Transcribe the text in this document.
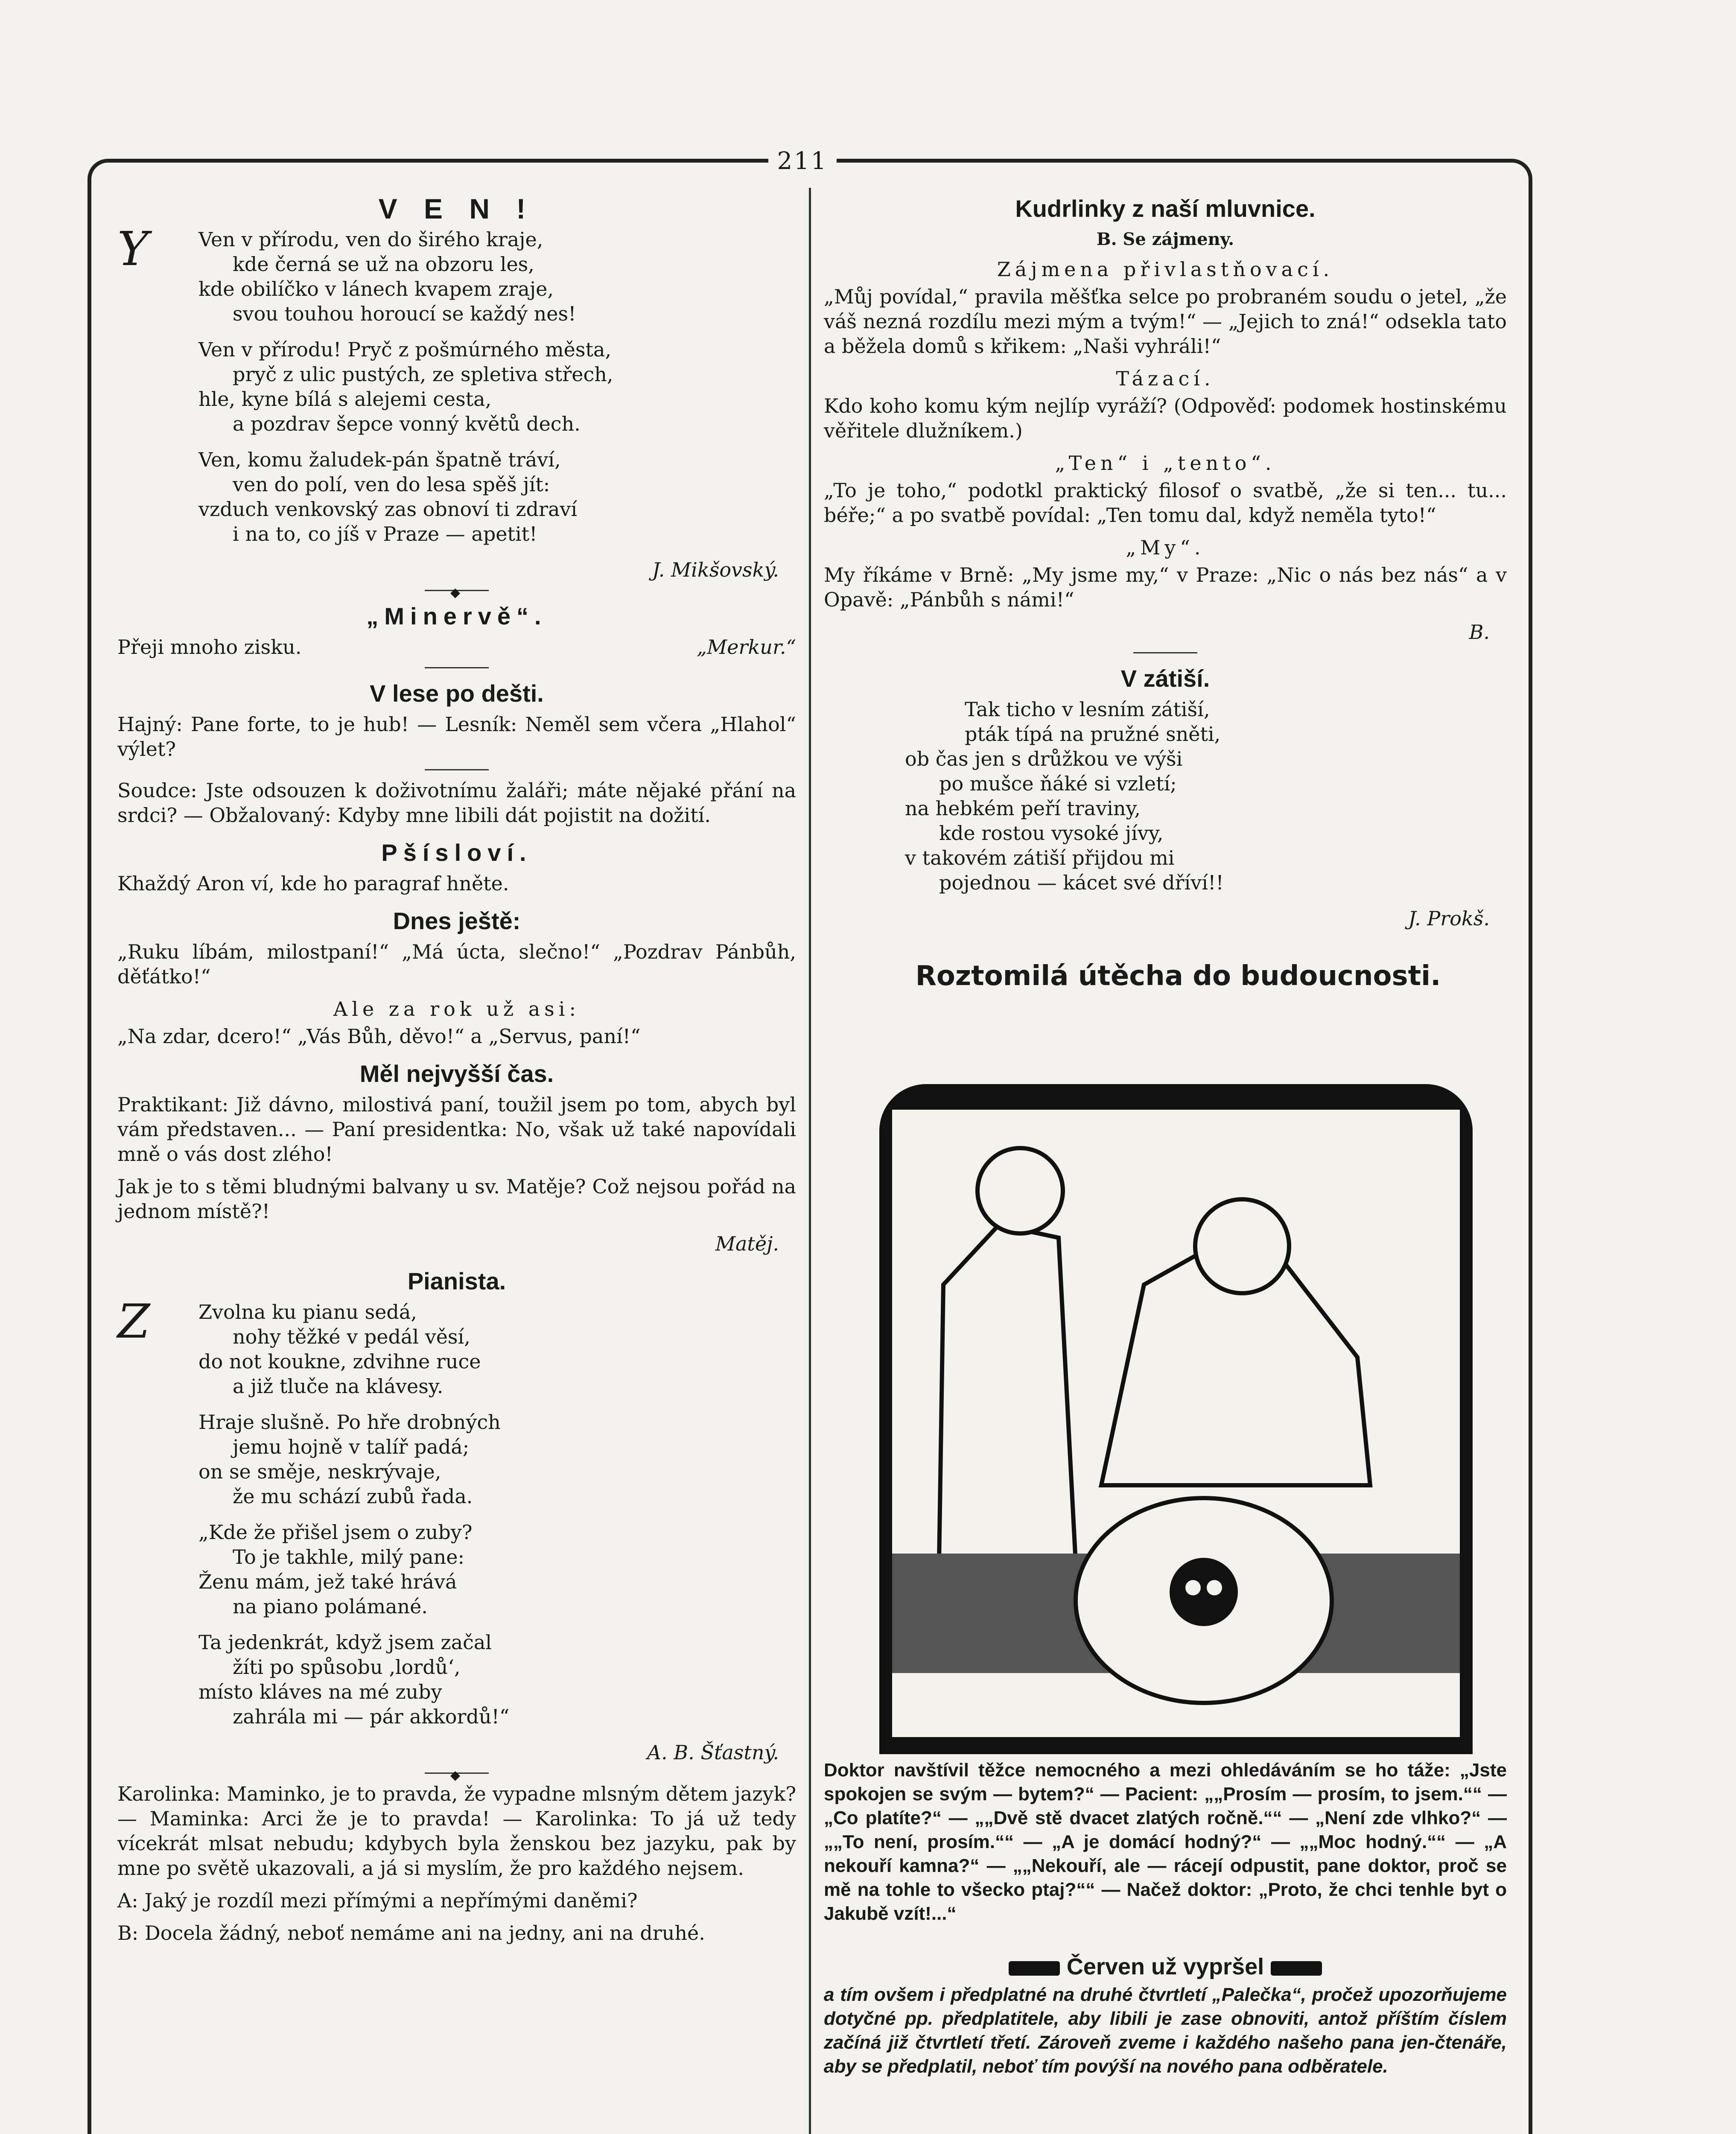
211
V E N !
Y	Ven v přírodu, ven do širého kraje,
kde černá se už na obzoru les,
kde obilíčko v lánech kvapem zraje,
svou touhou horoucí se každý nes!
Ven v přírodu! Pryč z pošmúrného města,
pryč z ulic pustých, ze spletiva střech,
hle, kyne bílá s alejemi cesta,
a pozdrav šepce vonný květů dech.
Ven, komu žaludek-pán špatně tráví,
ven do polí, ven do lesa spěš jít:
vzduch venkovský zas obnoví ti zdraví
i na to, co jíš v Praze — apetit!
J. Mikšovský.
◆
„Minervě“.
Přeji mnoho zisku.	„Merkur.“
V lese po dešti.
Hajný: Pane forte, to je hub! — Lesník: Neměl sem včera „Hlahol“ výlet?
Soudce: Jste odsouzen k doživotnímu žaláři; máte nějaké přání na srdci? — Obžalovaný: Kdyby mne libili dát pojistit na dožití.
Pšísloví.
Khaždý Aron ví, kde ho paragraf hněte.
Dnes ještě:
„Ruku líbám, milostpaní!“ „Má úcta, slečno!“ „Pozdrav Pánbůh, děťátko!“
Ale za rok už asi:
„Na zdar, dcero!“ „Vás Bůh, děvo!“ a „Servus, paní!“
Měl nejvyšší čas.
Praktikant: Již dávno, milostivá paní, toužil jsem po tom, abych byl vám představen... — Paní presidentka: No, však už také napovídali mně o vás dost zlého!
Jak je to s těmi bludnými balvany u sv. Matěje? Což nejsou pořád na jednom místě?!
Matěj.
Pianista.
Z	Zvolna ku pianu sedá,
nohy těžké v pedál věsí,
do not koukne, zdvihne ruce
a již tluče na klávesy.
Hraje slušně. Po hře drobných
jemu hojně v talíř padá;
on se směje, neskrývaje,
že mu schází zubů řada.
„Kde že přišel jsem o zuby?
To je takhle, milý pane:
Ženu mám, jež také hrává
na piano polámané.
Ta jedenkrát, když jsem začal
žíti po spůsobu ‚lordů‘,
místo kláves na mé zuby
zahrála mi — pár akkordů!“
A. B. Šťastný.
◆
Karolinka: Maminko, je to pravda, že vypadne mlsným dětem jazyk? — Maminka: Arci že je to pravda! — Karolinka: To já už tedy vícekrát mlsat nebudu; kdybych byla ženskou bez jazyku, pak by mne po světě ukazovali, a já si myslím, že pro každého nejsem.
A: Jaký je rozdíl mezi přímými a nepřímými daněmi?
B: Docela žádný, neboť nemáme ani na jedny, ani na druhé.
Kudrlinky z naší mluvnice.
B. Se zájmeny.
Zájmena přivlastňovací.
„Můj povídal,“ pravila měšťka selce po probraném soudu o jetel, „že váš nezná rozdílu mezi mým a tvým!“ — „Jejich to zná!“ odsekla tato a běžela domů s křikem: „Naši vyhráli!“
Tázací.
Kdo koho komu kým nejlíp vyráží? (Odpověď: podomek hostinskému věřitele dlužníkem.)
„Ten“ i „tento“.
„To je toho,“ podotkl praktický filosof o svatbě, „že si ten... tu... béře;“ a po svatbě povídal: „Ten tomu dal, když neměla tyto!“
„My“.
My říkáme v Brně: „My jsme my,“ v Praze: „Nic o nás bez nás“ a v Opavě: „Pánbůh s námi!“
B.
V zátiší.
Tak ticho v lesním zátiší,
pták típá na pružné sněti,
ob čas jen s drůžkou ve výši
po mušce ňáké si vzletí;
na hebkém peří traviny,
kde rostou vysoké jívy,
v takovém zátiší přijdou mi
pojednou — kácet své dříví!!
J. Prokš.
Roztomilá útěcha do budoucnosti.
Doktor navštívil těžce nemocného a mezi ohledáváním se ho táže: „Jste spokojen se svým — bytem?“ — Pacient: „„Prosím — prosím, to jsem.““ — „Co platíte?“ — „„Dvě stě dvacet zlatých ročně.““ — „Není zde vlhko?“ — „„To není, prosím.““ — „A je domácí hodný?“ — „„Moc hodný.““ — „A nekouří kamna?“ — „„Nekouří, ale — rácejí odpustit, pane doktor, proč se mě na tohle to všecko ptaj?““ — Načež doktor: „Proto, že chci tenhle byt o Jakubě vzít!...“
Červen už vypršel
a tím ovšem i předplatné na druhé čtvrtletí „Palečka“, pročež upozorňujeme dotyčné pp. předplatitele, aby libili je zase obnoviti, antož příštím číslem začíná již čtvrtletí třetí. Zároveň zveme i každého našeho pana jen-čtenáře, aby se předplatil, neboť tím povýší na nového pana odběratele.
